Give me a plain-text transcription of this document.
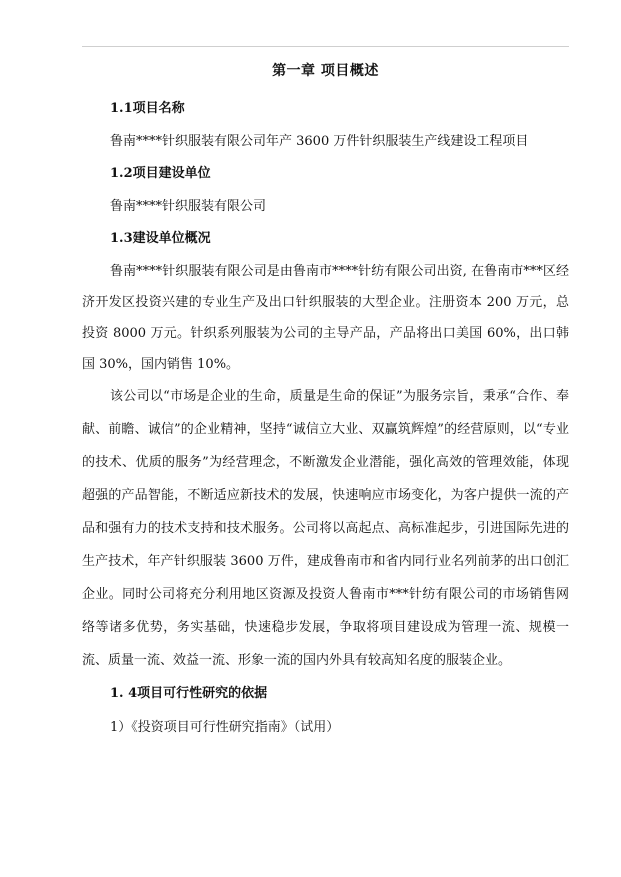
第一章 项目概述
1.1项目名称

鲁南****针织服装有限公司年产 3600 万件针织服装生产线建设工程项目

1.2项目建设单位

鲁南****针织服装有限公司

1.3建设单位概况

鲁南****针织服装有限公司是由鲁南市****针纺有限公司出资, 在鲁南市***区经济开发区投资兴建的专业生产及出口针织服装的大型企业。注册资本 200 万元，总投资 8000 万元。针织系列服装为公司的主导产品，产品将出口美国 60%，出口韩国 30%，国内销售 10%。

该公司以“市场是企业的生命，质量是生命的保证”为服务宗旨，秉承“合作、奉献、前瞻、诚信”的企业精神，坚持“诚信立大业、双赢筑辉煌”的经营原则，以“专业的技术、优质的服务”为经营理念，不断激发企业潜能，强化高效的管理效能，体现超强的产品智能，不断适应新技术的发展，快速响应市场变化，为客户提供一流的产品和强有力的技术支持和技术服务。公司将以高起点、高标准起步，引进国际先进的生产技术，年产针织服装 3600 万件，建成鲁南市和省内同行业名列前茅的出口创汇企业。同时公司将充分利用地区资源及投资人鲁南市***针纺有限公司的市场销售网络等诸多优势，务实基础，快速稳步发展，争取将项目建设成为管理一流、规模一流、质量一流、效益一流、形象一流的国内外具有较高知名度的服装企业。

1. 4项目可行性研究的依据
1）《投资项目可行性研究指南》（试用）
